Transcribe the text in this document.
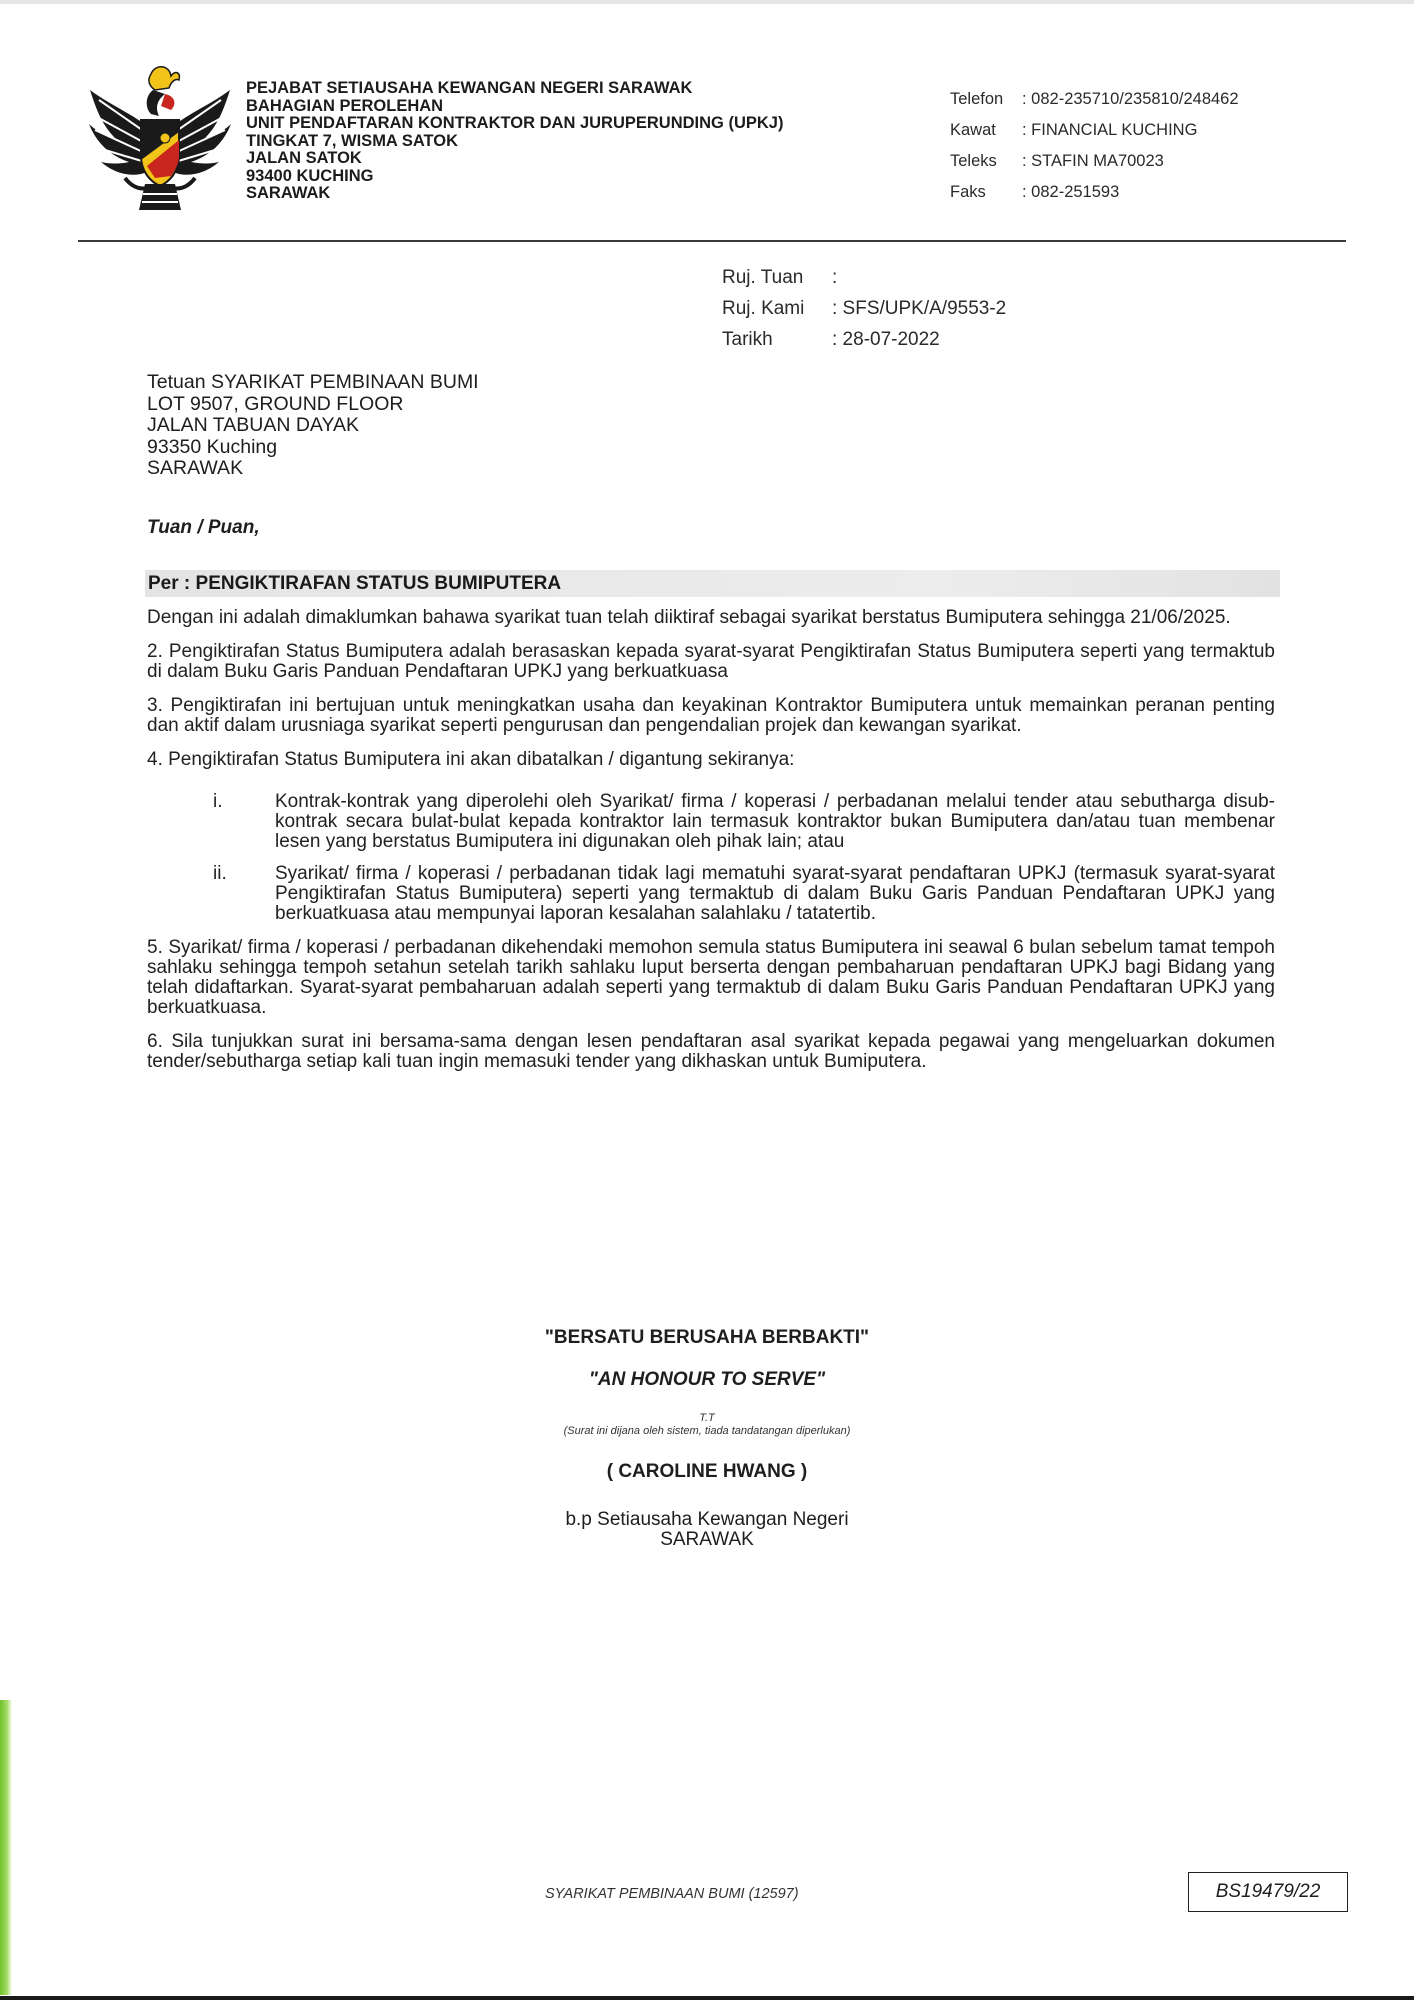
PEJABAT SETIAUSAHA KEWANGAN NEGERI SARAWAK
BAHAGIAN PEROLEHAN
UNIT PENDAFTARAN KONTRAKTOR DAN JURUPERUNDING (UPKJ)
TINGKAT 7, WISMA SATOK
JALAN SATOK
93400 KUCHING
SARAWAK
Telefon	: 082-235710/235810/248462
Kawat	: FINANCIAL KUCHING
Teleks	: STAFIN MA70023
Faks	: 082-251593
Ruj. Tuan	:
Ruj. Kami	: SFS/UPK/A/9553-2
Tarikh	: 28-07-2022
Tetuan SYARIKAT PEMBINAAN BUMI
LOT 9507, GROUND FLOOR
JALAN TABUAN DAYAK
93350 Kuching
SARAWAK
Tuan / Puan,
Per : PENGIKTIRAFAN STATUS BUMIPUTERA

Dengan ini adalah dimaklumkan bahawa syarikat tuan telah diiktiraf sebagai syarikat berstatus Bumiputera sehingga 21/06/2025.

2. Pengiktirafan Status Bumiputera adalah berasaskan kepada syarat-syarat Pengiktirafan Status Bumiputera seperti yang termaktub di dalam Buku Garis Panduan Pendaftaran UPKJ yang berkuatkuasa

3. Pengiktirafan ini bertujuan untuk meningkatkan usaha dan keyakinan Kontraktor Bumiputera untuk memainkan peranan penting dan aktif dalam urusniaga syarikat seperti pengurusan dan pengendalian projek dan kewangan syarikat.

4. Pengiktirafan Status Bumiputera ini akan dibatalkan / digantung sekiranya:

i.	Kontrak-kontrak yang diperolehi oleh Syarikat/ firma / koperasi / perbadanan melalui tender atau sebutharga disub-kontrak secara bulat-bulat kepada kontraktor lain termasuk kontraktor bukan Bumiputera dan/atau tuan membenar lesen yang berstatus Bumiputera ini digunakan oleh pihak lain; atau
ii.	Syarikat/ firma / koperasi / perbadanan tidak lagi mematuhi syarat-syarat pendaftaran UPKJ (termasuk syarat-syarat Pengiktirafan Status Bumiputera) seperti yang termaktub di dalam Buku Garis Panduan Pendaftaran UPKJ yang berkuatkuasa atau mempunyai laporan kesalahan salahlaku / tatatertib.

5. Syarikat/ firma / koperasi / perbadanan dikehendaki memohon semula status Bumiputera ini seawal 6 bulan sebelum tamat tempoh sahlaku sehingga tempoh setahun setelah tarikh sahlaku luput berserta dengan pembaharuan pendaftaran UPKJ bagi Bidang yang telah didaftarkan. Syarat-syarat pembaharuan adalah seperti yang termaktub di dalam Buku Garis Panduan Pendaftaran UPKJ yang berkuatkuasa.

6. Sila tunjukkan surat ini bersama-sama dengan lesen pendaftaran asal syarikat kepada pegawai yang mengeluarkan dokumen tender/sebutharga setiap kali tuan ingin memasuki tender yang dikhaskan untuk Bumiputera.

"BERSATU BERUSAHA BERBAKTI"
"AN HONOUR TO SERVE"
T.T
(Surat ini dijana oleh sistem, tiada tandatangan diperlukan)
( CAROLINE HWANG )
b.p Setiausaha Kewangan Negeri
SARAWAK
SYARIKAT PEMBINAAN BUMI (12597)	BS19479/22
